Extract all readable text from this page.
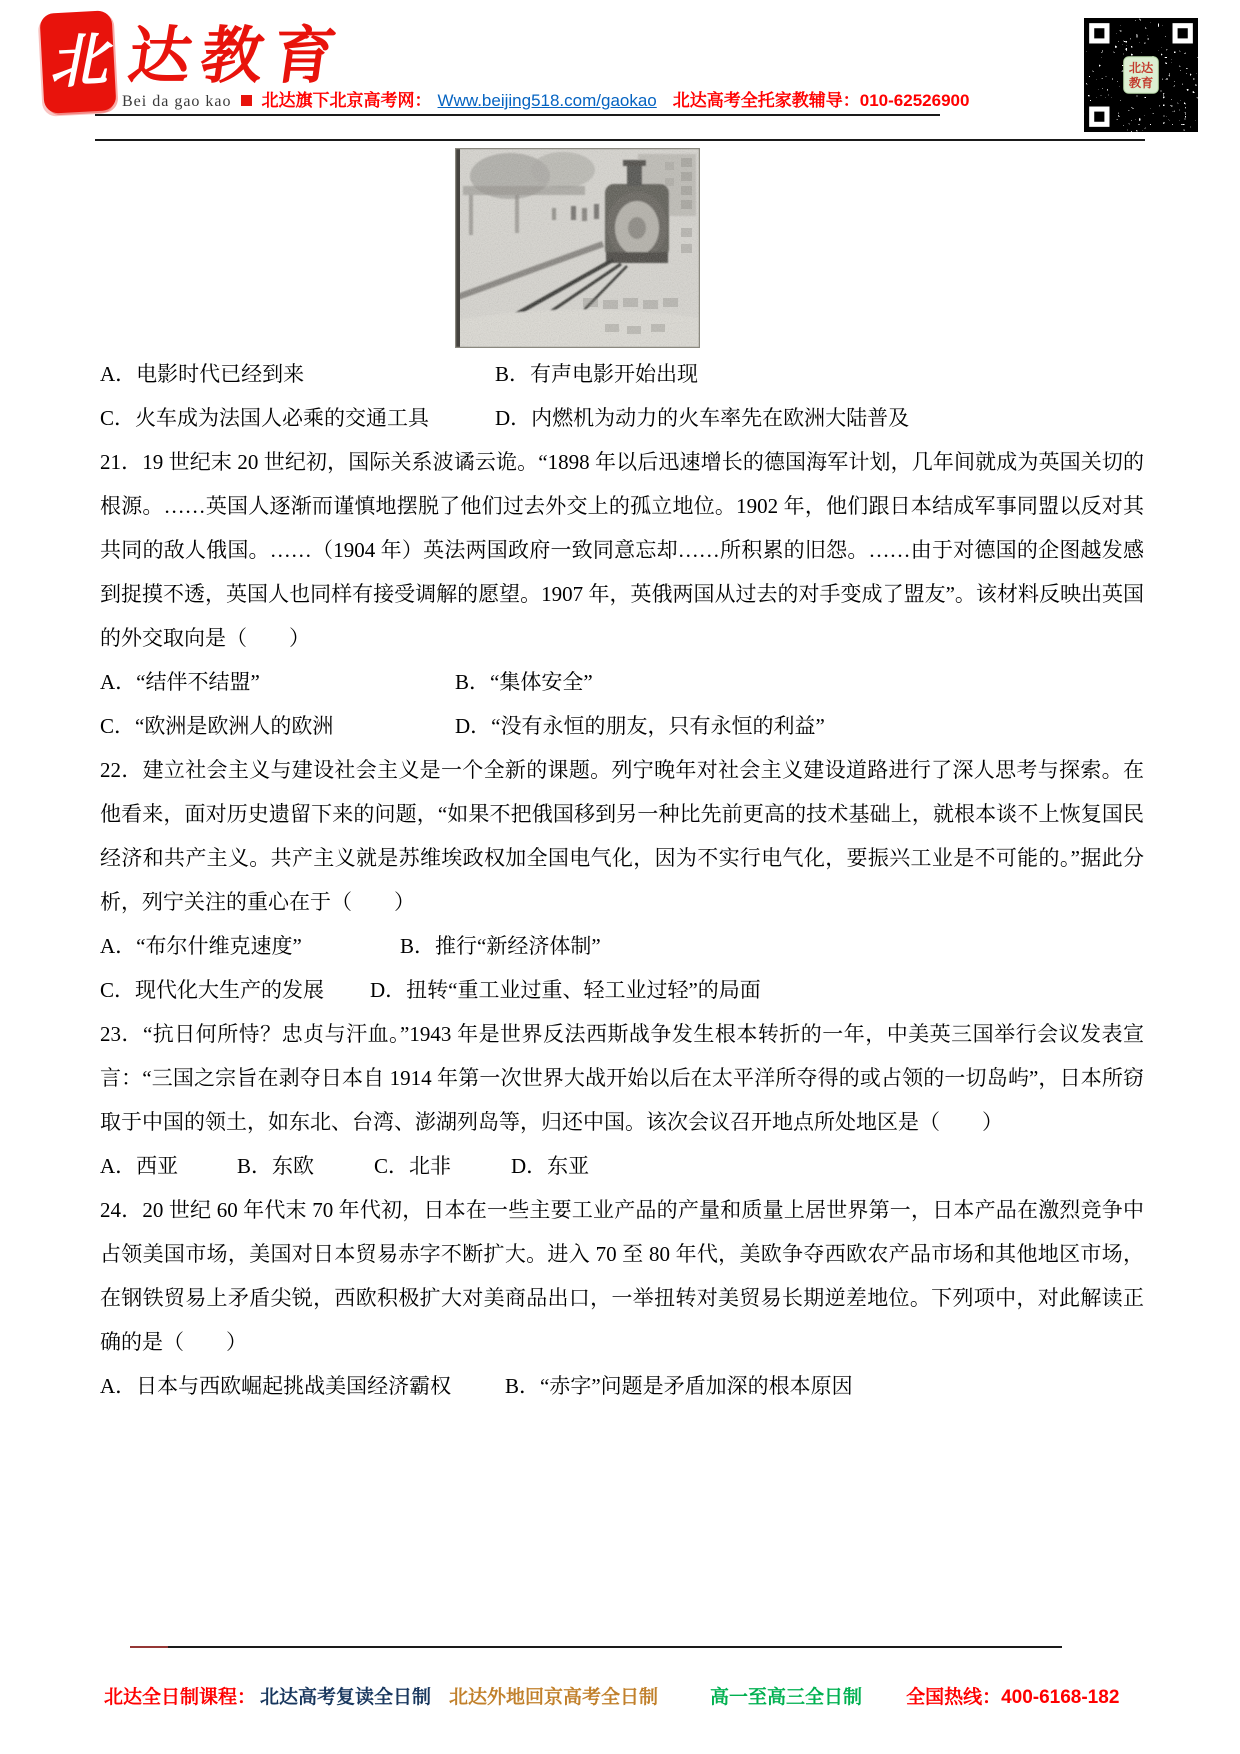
北 达教育
Bei da gao kao 北达旗下北京高考网： Www.beijing518.com/gaokao 北达高考全托家教辅导：010-62526900
北达
教育

A．电影时代已经到来	B．有声电影开始出现

C．火车成为法国人必乘的交通工具	D．内燃机为动力的火车率先在欧洲大陆普及

21．19 世纪末 20 世纪初，国际关系波谲云诡。“1898 年以后迅速增长的德国海军计划，几年间就成为英国关切的根源。……英国人逐渐而谨慎地摆脱了他们过去外交上的孤立地位。1902 年，他们跟日本结成军事同盟以反对其共同的敌人俄国。……（1904 年）英法两国政府一致同意忘却……所积累的旧怨。……由于对德国的企图越发感到捉摸不透，英国人也同样有接受调解的愿望。1907 年，英俄两国从过去的对手变成了盟友”。该材料反映出英国的外交取向是（　　）

A．“结伴不结盟”	B．“集体安全”

C．“欧洲是欧洲人的欧洲	D．“没有永恒的朋友，只有永恒的利益”

22．建立社会主义与建设社会主义是一个全新的课题。列宁晚年对社会主义建设道路进行了深人思考与探索。在他看来，面对历史遗留下来的问题，“如果不把俄国移到另一种比先前更高的技术基础上，就根本谈不上恢复国民经济和共产主义。共产主义就是苏维埃政权加全国电气化，因为不实行电气化，要振兴工业是不可能的。”据此分析，列宁关注的重心在于（　　）

A．“布尔什维克速度”	B．推行“新经济体制”

C．现代化大生产的发展 D．扭转“重工业过重、轻工业过轻”的局面

23．“抗日何所恃？忠贞与汗血。”1943 年是世界反法西斯战争发生根本转折的一年，中美英三国举行会议发表宣言：“三国之宗旨在剥夺日本自 1914 年第一次世界大战开始以后在太平洋所夺得的或占领的一切岛屿”，日本所窃取于中国的领土，如东北、台湾、澎湖列岛等，归还中国。该次会议召开地点所处地区是（　　）

A．西亚	B．东欧	C．北非	D．东亚

24．20 世纪 60 年代末 70 年代初，日本在一些主要工业产品的产量和质量上居世界第一，日本产品在激烈竞争中占领美国市场，美国对日本贸易赤字不断扩大。进入 70 至 80 年代，美欧争夺西欧农产品市场和其他地区市场，在钢铁贸易上矛盾尖锐，西欧积极扩大对美商品出口，一举扭转对美贸易长期逆差地位。下列项中，对此解读正确的是（　　）

A．日本与西欧崛起挑战美国经济霸权	B．“赤字”问题是矛盾加深的根本原因

北达全日制课程： 北达高考复读全日制 北达外地回京高考全日制	高一至高三全日制 全国热线：400-6168-182
